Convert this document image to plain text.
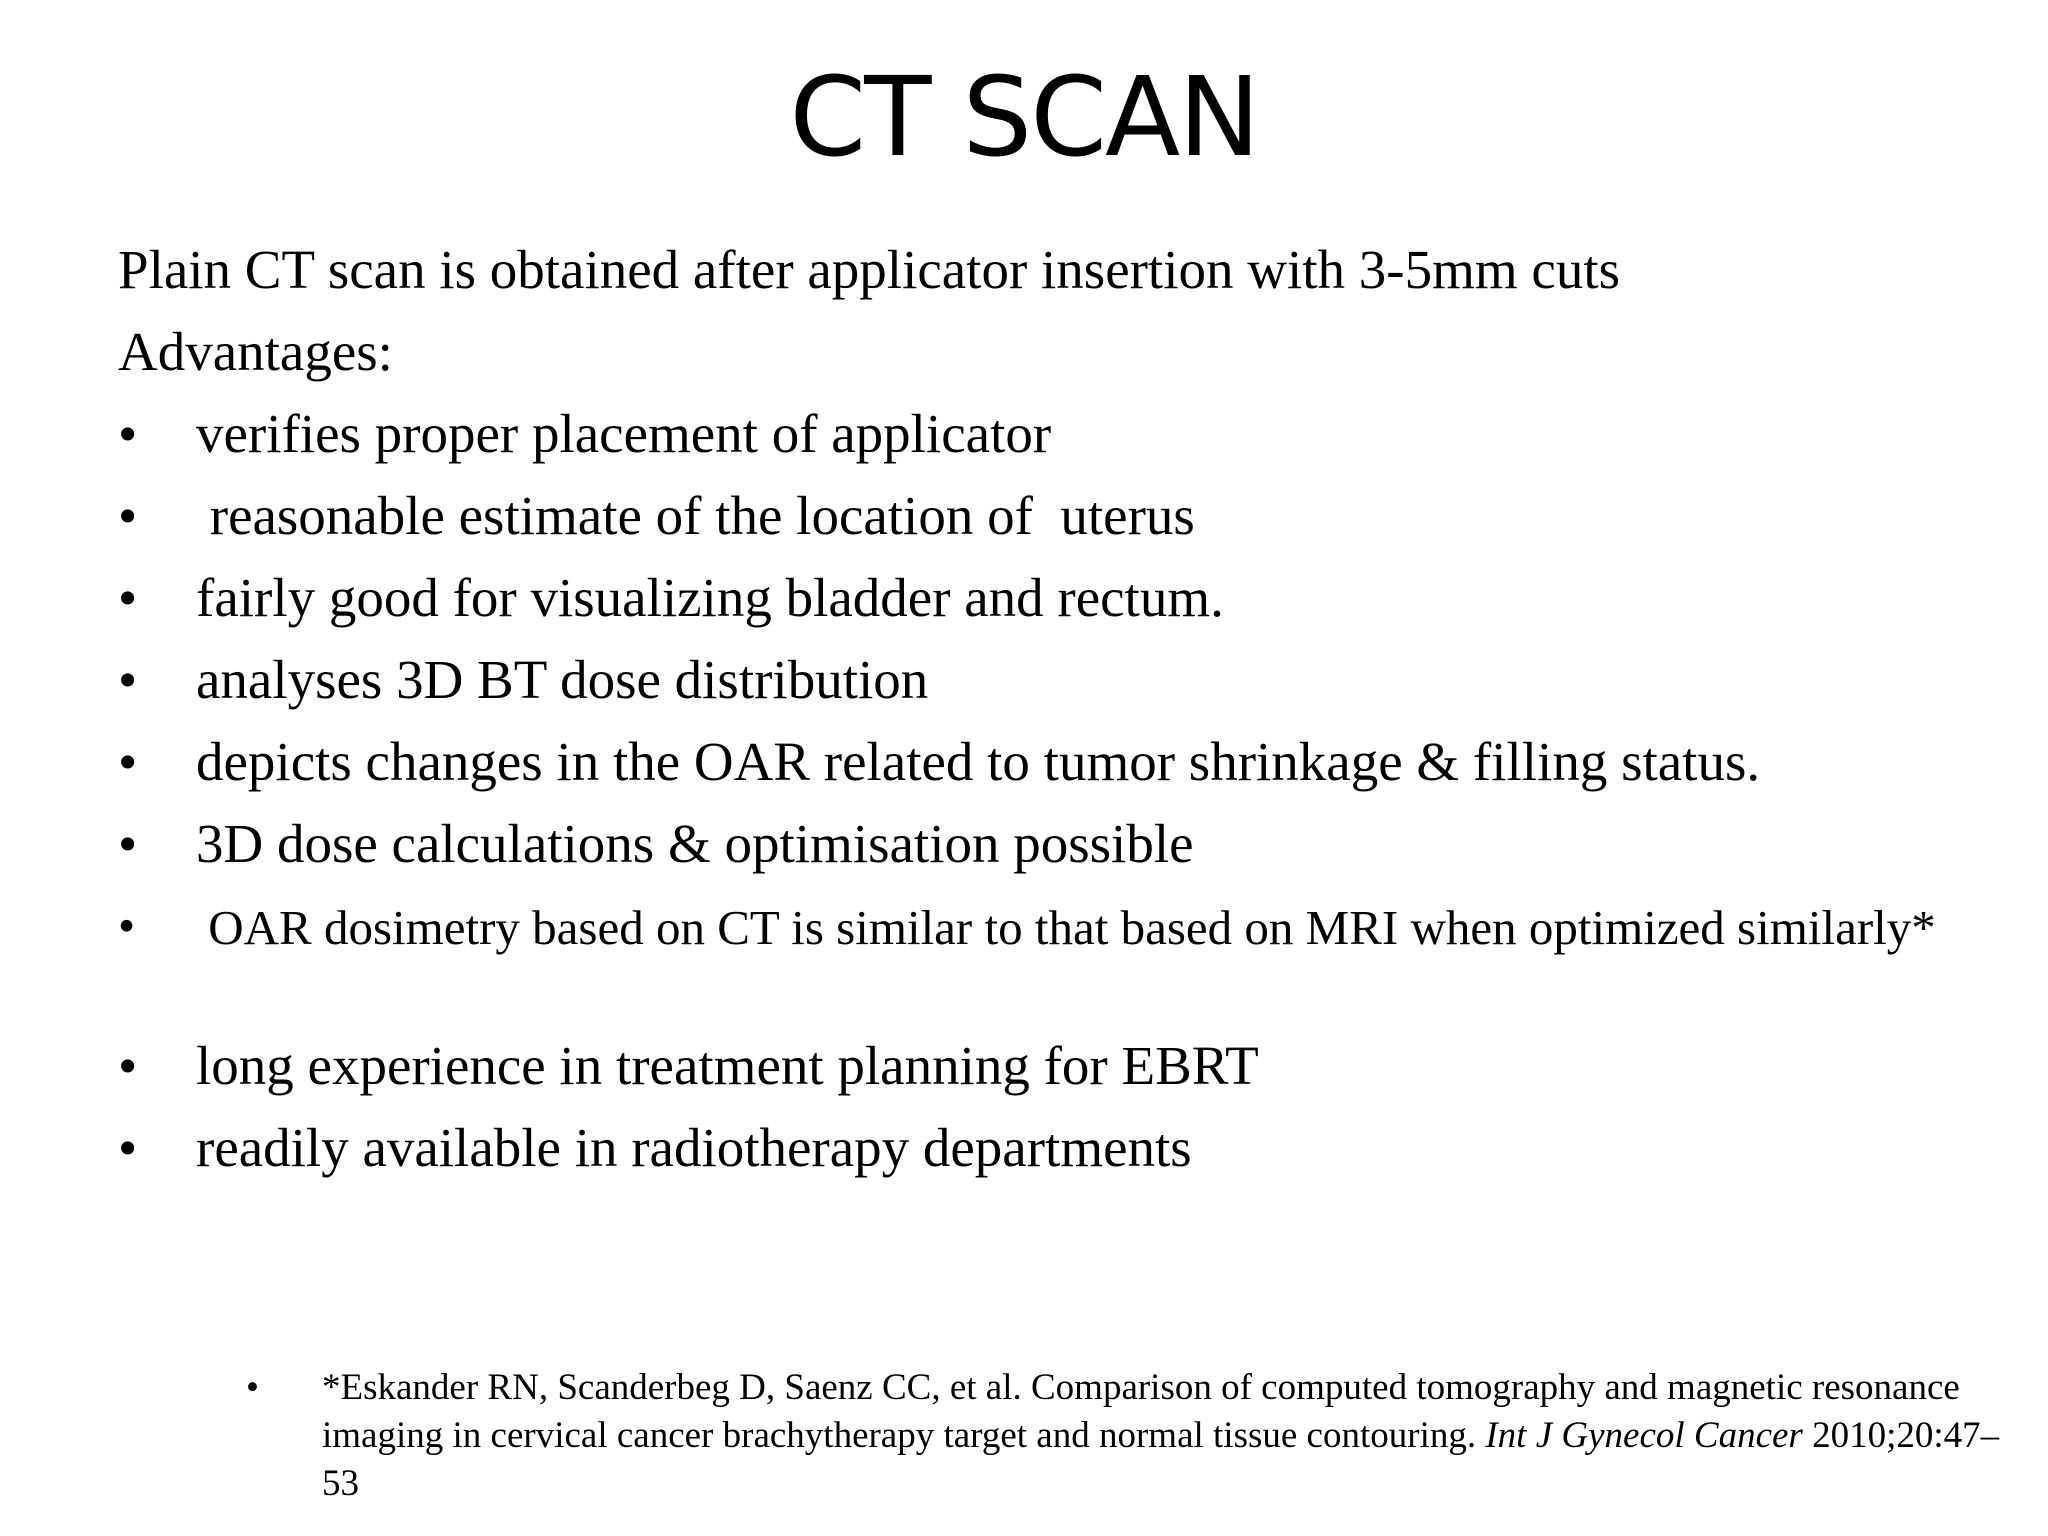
CT SCAN
Plain CT scan is obtained after applicator insertion with 3-5mm cuts
Advantages:
•	verifies proper placement of applicator
•	reasonable estimate of the location of  uterus
•	fairly good for visualizing bladder and rectum.
•	analyses 3D BT dose distribution
•	depicts changes in the OAR related to tumor shrinkage & filling status.
•	3D dose calculations & optimisation possible
•	OAR dosimetry based on CT is similar to that based on MRI when optimized similarly*
•	long experience in treatment planning for EBRT
•	readily available in radiotherapy departments
• *Eskander RN, Scanderbeg D, Saenz CC, et al. Comparison of computed tomography and magnetic resonance imaging in cervical cancer brachytherapy target and normal tissue contouring. Int J Gynecol Cancer 2010;20:47–53
